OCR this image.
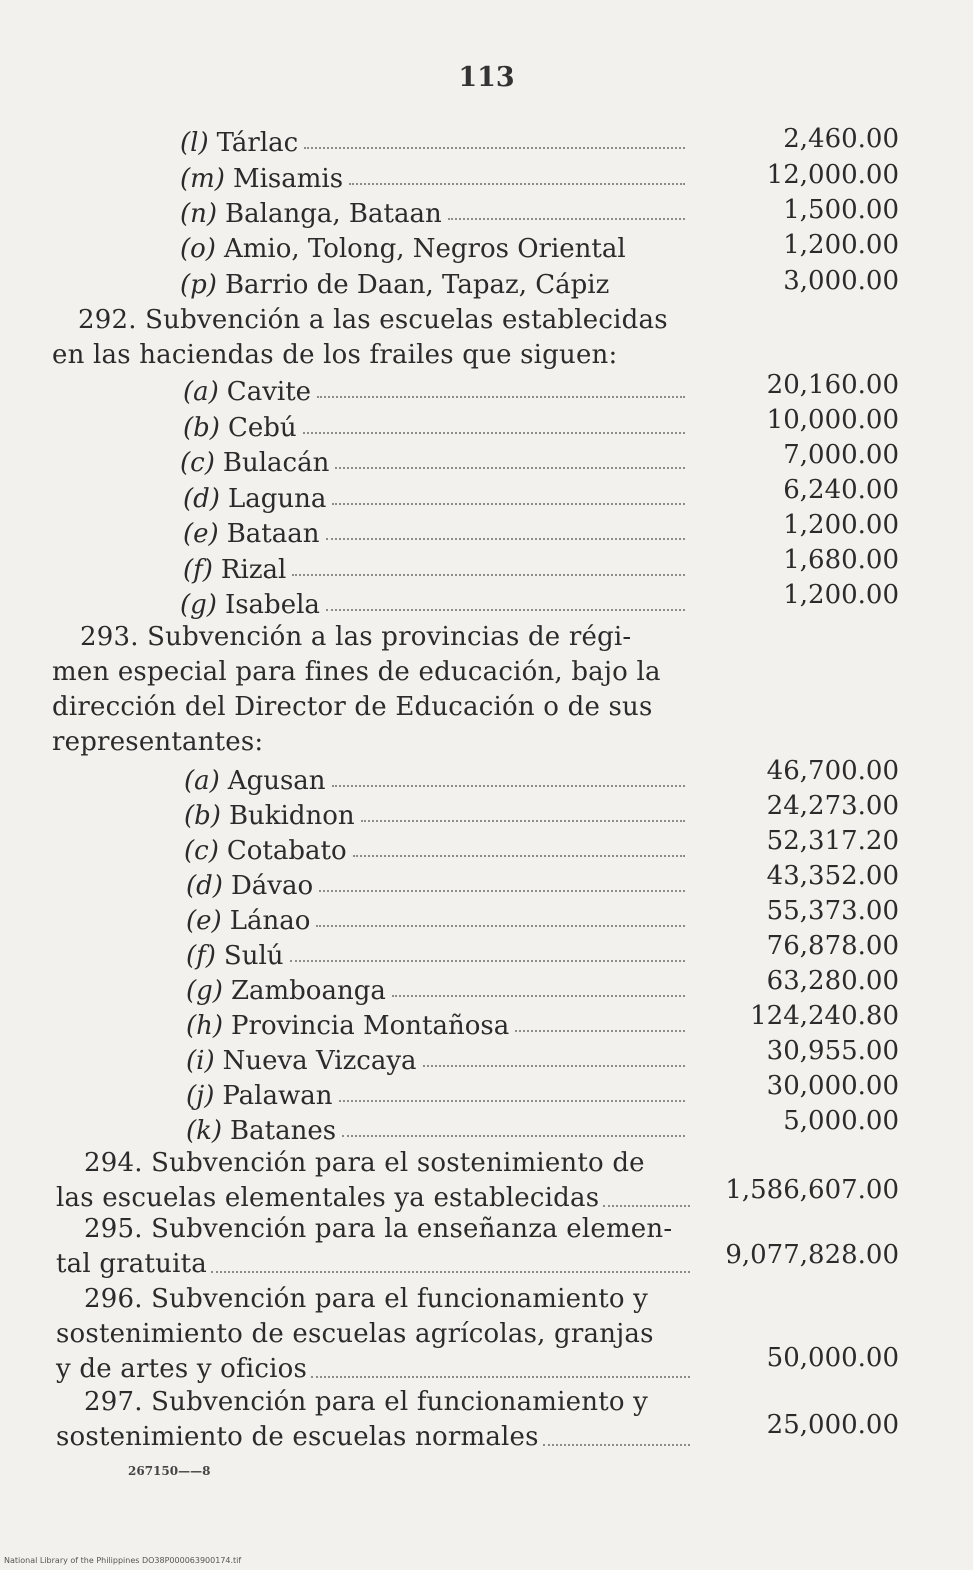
113
(l) Tárlac	2,460.00
(m) Misamis	12,000.00
(n) Balanga, Bataan	1,500.00
(o) Amio, Tolong, Negros Oriental	1,200.00
(p) Barrio de Daan, Tapaz, Cápiz	3,000.00
292. Subvención a las escuelas establecidas
en las haciendas de los frailes que siguen:
(a) Cavite	20,160.00
(b) Cebú	10,000.00
(c) Bulacán	7,000.00
(d) Laguna	6,240.00
(e) Bataan	1,200.00
(f) Rizal	1,680.00
(g) Isabela	1,200.00
293. Subvención a las provincias de régi-
men especial para fines de educación, bajo la
dirección del Director de Educación o de sus
representantes:
(a) Agusan	46,700.00
(b) Bukidnon	24,273.00
(c) Cotabato	52,317.20
(d) Dávao	43,352.00
(e) Lánao	55,373.00
(f) Sulú	76,878.00
(g) Zamboanga	63,280.00
(h) Provincia Montañosa	124,240.80
(i) Nueva Vizcaya	30,955.00
(j) Palawan	30,000.00
(k) Batanes	5,000.00
294. Subvención para el sostenimiento de
las escuelas elementales ya establecidas	1,586,607.00
295. Subvención para la enseñanza elemen-
tal gratuita	9,077,828.00
296. Subvención para el funcionamiento y
sostenimiento de escuelas agrícolas, granjas
y de artes y oficios	50,000.00
297. Subvención para el funcionamiento y
sostenimiento de escuelas normales	25,000.00
267150——8
National Library of the Philippines DO38P000063900174.tif
